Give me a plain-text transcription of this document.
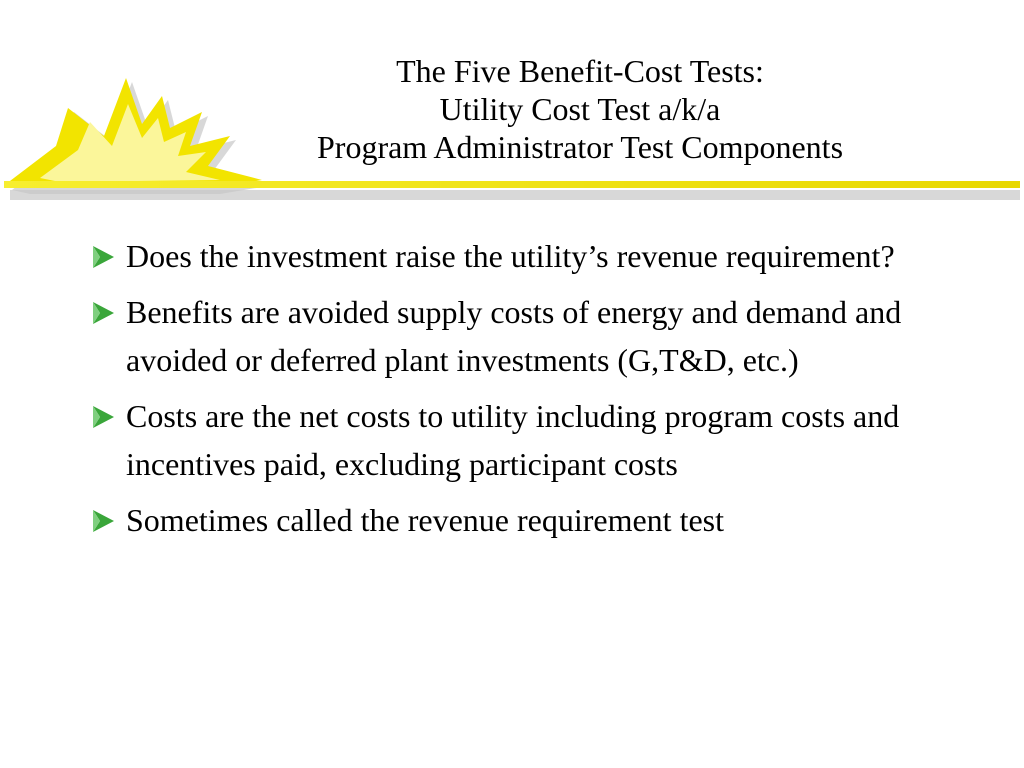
The Five Benefit-Cost Tests:
Utility Cost Test a/k/a
Program Administrator Test Components
Does the investment raise the utility’s revenue requirement?
Benefits are avoided supply costs of energy and demand and avoided or deferred plant investments (G,T&D, etc.)
Costs are the net costs to utility including program costs and incentives paid, excluding participant costs
Sometimes called the revenue requirement test
